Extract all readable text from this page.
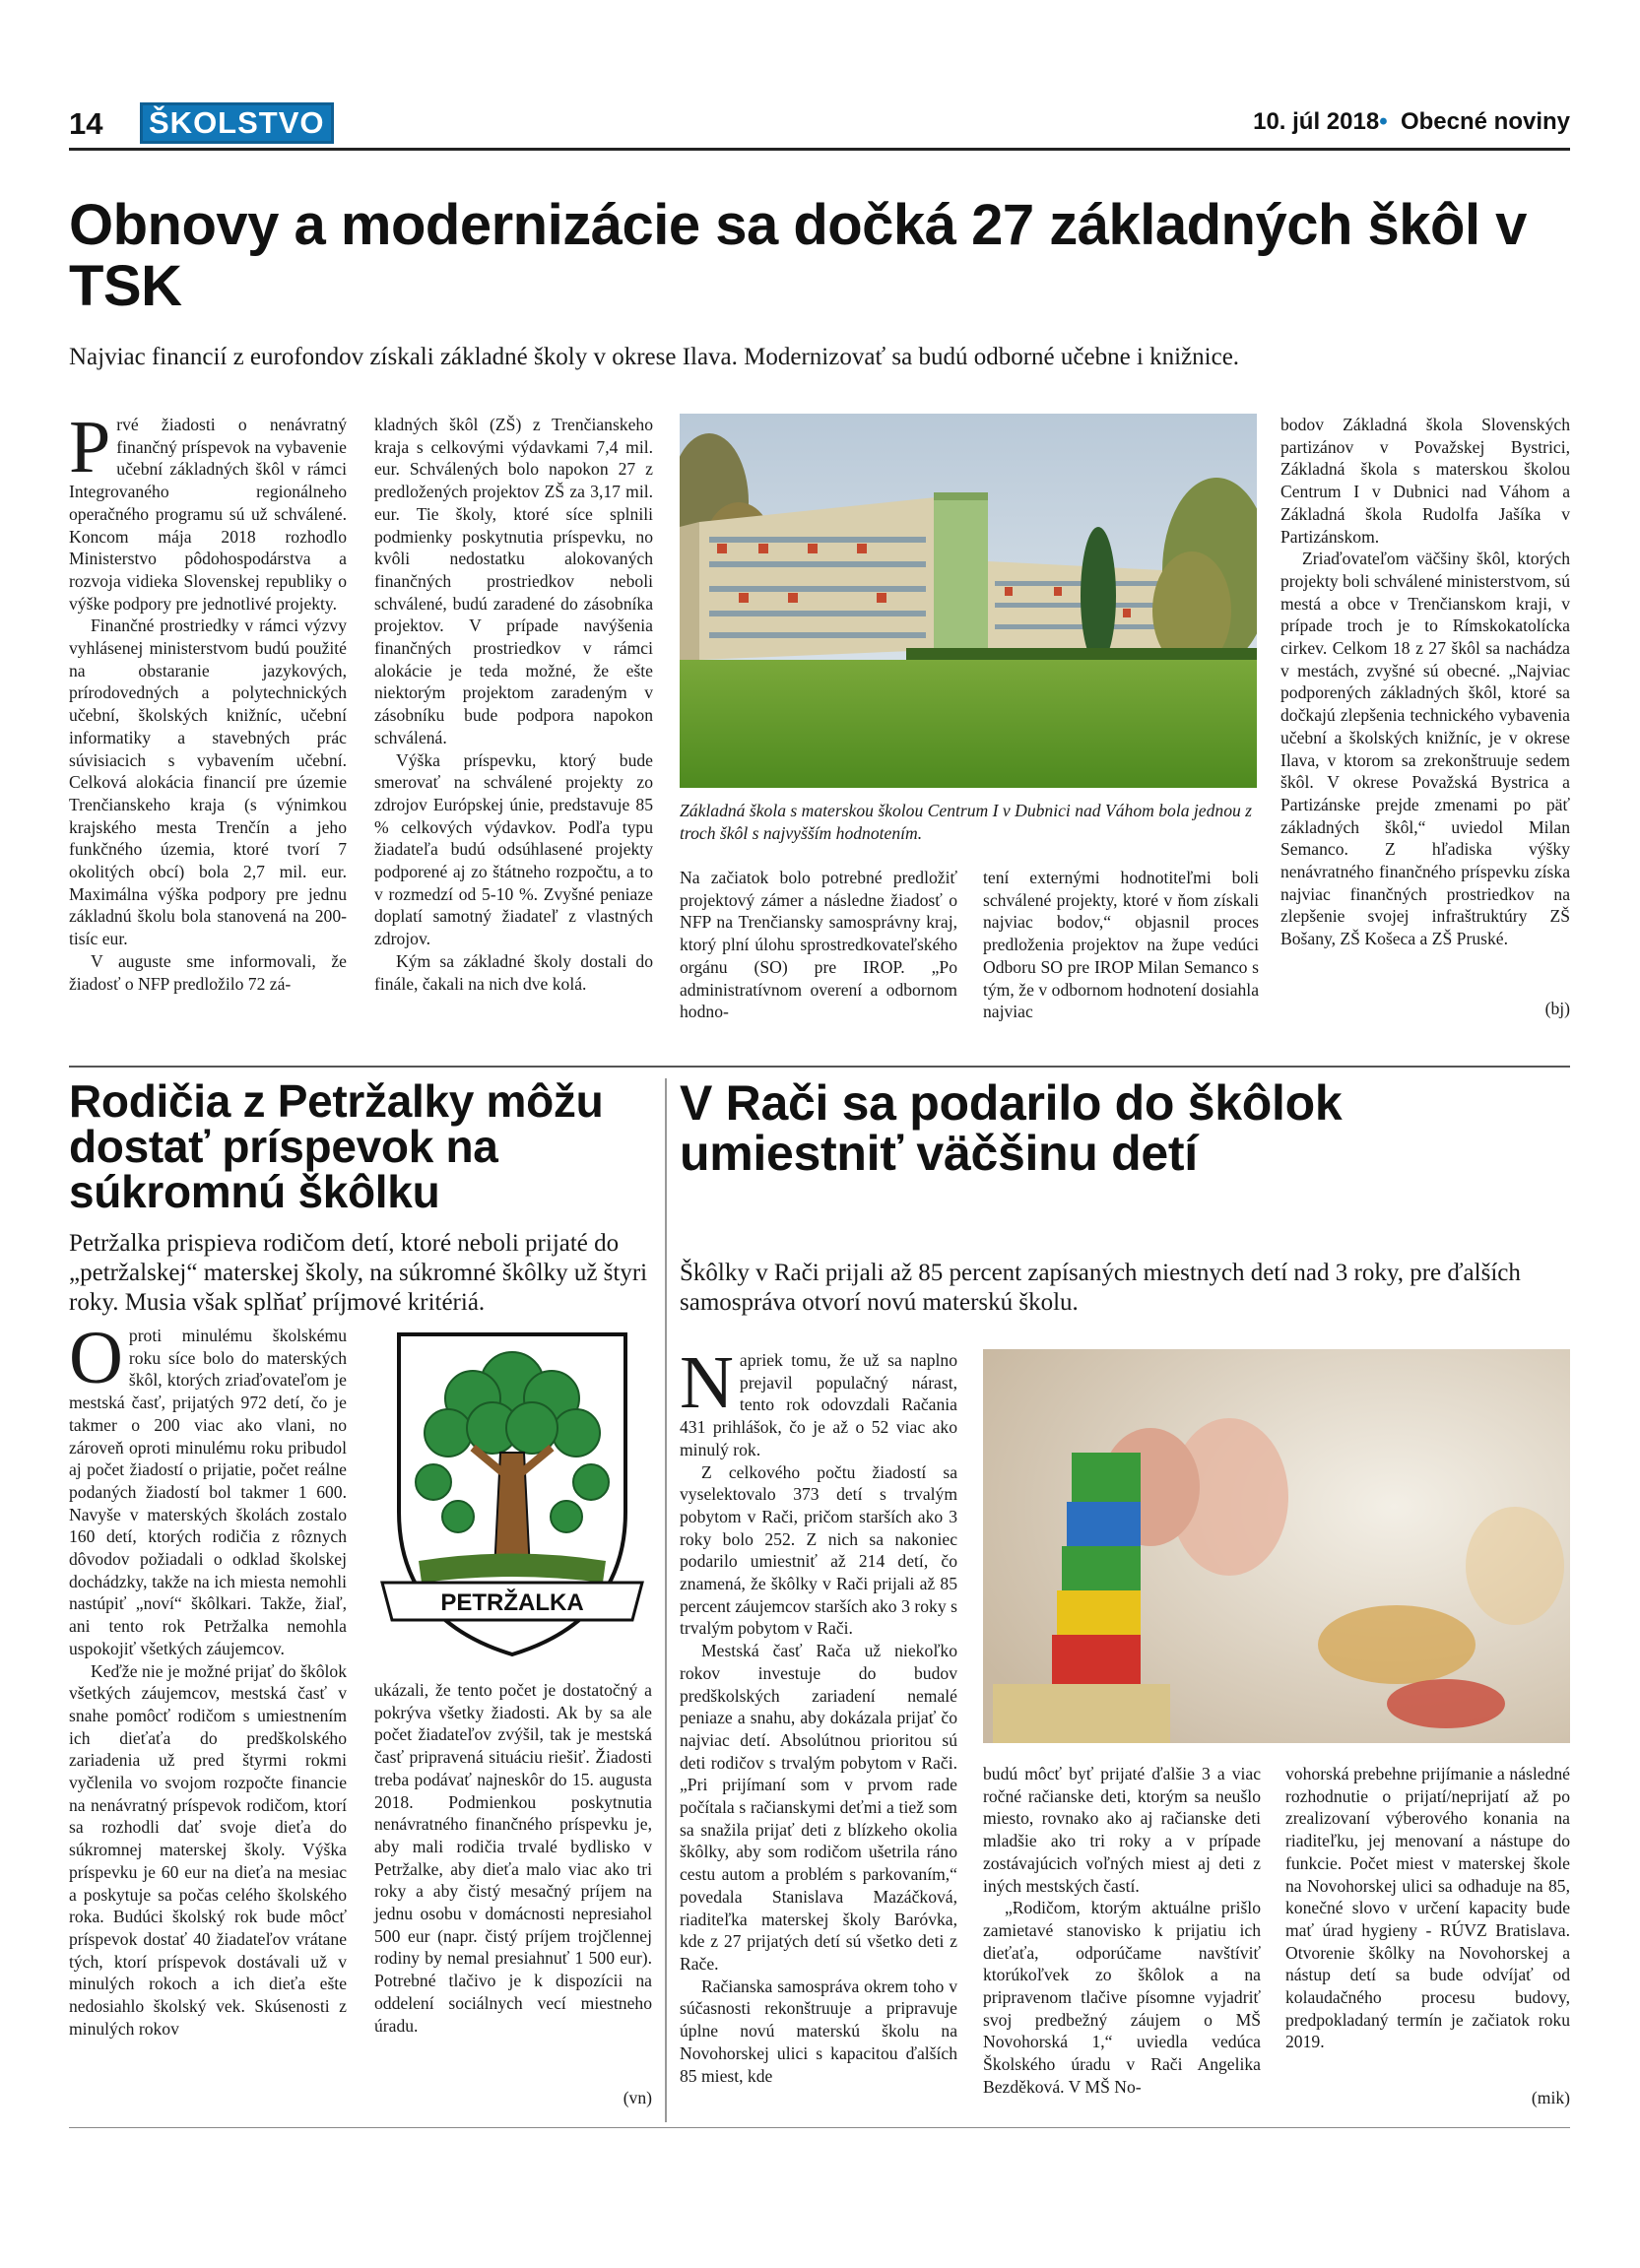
14 ŠKOLSTVO	10. júl 2018• Obecné noviny
Obnovy a modernizácie sa dočká 27 základných škôl v TSK
Najviac financií z eurofondov získali základné školy v okrese Ilava. Modernizovať sa budú odborné učebne i knižnice.

Prvé žiadosti o nenávratný finančný príspevok na vybavenie učební základných škôl v rámci Integrovaného regionálneho operačného programu sú už schválené. Koncom mája 2018 rozhodlo Ministerstvo pôdohospodárstva a rozvoja vidieka Slovenskej republiky o výške podpory pre jednotlivé projekty.

Finančné prostriedky v rámci výzvy vyhlásenej ministerstvom budú použité na obstaranie jazykových, prírodovedných a polytechnických učební, školských knižníc, učební informatiky a stavebných prác súvisiacich s vybavením učební. Celková alokácia financií pre územie Trenčianskeho kraja (s výnimkou krajského mesta Trenčín a jeho funkčného územia, ktoré tvorí 7 okolitých obcí) bola 2,7 mil. eur. Maximálna výška podpory pre jednu základnú školu bola stanovená na 200-tisíc eur.

V auguste sme informovali, že žiadosť o NFP predložilo 72 zá-

kladných škôl (ZŠ) z Trenčianskeho kraja s celkovými výdavkami 7,4 mil. eur. Schválených bolo napokon 27 z predložených projektov ZŠ za 3,17 mil. eur. Tie školy, ktoré síce splnili podmienky poskytnutia príspevku, no kvôli nedostatku alokovaných finančných prostriedkov neboli schválené, budú zaradené do zásobníka projektov. V prípade navýšenia finančných prostriedkov v rámci alokácie je teda možné, že ešte niektorým projektom zaradeným v zásobníku bude podpora napokon schválená.

Výška príspevku, ktorý bude smerovať na schválené projekty zo zdrojov Európskej únie, predstavuje 85 % celkových výdavkov. Podľa typu žiadateľa budú odsúhlasené projekty podporené aj zo štátneho rozpočtu, a to v rozmedzí od 5-10 %. Zvyšné peniaze doplatí samotný žiadateľ z vlastných zdrojov.

Kým sa základné školy dostali do finále, čakali na nich dve kolá.

Základná škola s materskou školou Centrum I v Dubnici nad Váhom bola jednou z troch škôl s najvyšším hodnotením.

Na začiatok bolo potrebné predložiť projektový zámer a následne žiadosť o NFP na Trenčiansky samosprávny kraj, ktorý plní úlohu sprostredkovateľského orgánu (SO) pre IROP. „Po administratívnom overení a odbornom hodno-

tení externými hodnotiteľmi boli schválené projekty, ktoré v ňom získali najviac bodov,“ objasnil proces predloženia projektov na župe vedúci Odboru SO pre IROP Milan Semanco s tým, že v odbornom hodnotení dosiahla najviac

bodov Základná škola Slovenských partizánov v Považskej Bystrici, Základná škola s materskou školou Centrum I v Dubnici nad Váhom a Základná škola Rudolfa Jašíka v Partizánskom.

Zriaďovateľom väčšiny škôl, ktorých projekty boli schválené ministerstvom, sú mestá a obce v Trenčianskom kraji, v prípade troch je to Rímskokatolícka cirkev. Celkom 18 z 27 škôl sa nachádza v mestách, zvyšné sú obecné. „Najviac podporených základných škôl, ktoré sa dočkajú zlepšenia technického vybavenia učební a školských knižníc, je v okrese Ilava, v ktorom sa zrekonštruuje sedem škôl. V okrese Považská Bystrica a Partizánske prejde zmenami po päť základných škôl,“ uviedol Milan Semanco. Z hľadiska výšky nenávratného finančného príspevku získa najviac finančných prostriedkov na zlepšenie svojej infraštruktúry ZŠ Bošany, ZŠ Košeca a ZŠ Pruské.

(bj)
Rodičia z Petržalky môžu dostať príspevok na súkromnú škôlku
Petržalka prispieva rodičom detí, ktoré neboli prijaté do „petržalskej“ materskej školy, na súkromné škôlky už štyri roky. Musia však splňať príjmové kritériá.

Oproti minulému školskému roku síce bolo do materských škôl, ktorých zriaďovateľom je mestská časť, prijatých 972 detí, čo je takmer o 200 viac ako vlani, no zároveň oproti minulému roku pribudol aj počet žiadostí o prijatie, počet reálne podaných žiadostí bol takmer 1 600. Navyše v materských školách zostalo 160 detí, ktorých rodičia z rôznych dôvodov požiadali o odklad školskej dochádzky, takže na ich miesta nemohli nastúpiť „noví“ škôlkari. Takže, žiaľ, ani tento rok Petržalka nemohla uspokojiť všetkých záujemcov.

Keďže nie je možné prijať do škôlok všetkých záujemcov, mestská časť v snahe pomôcť rodičom s umiestnením ich dieťaťa do predškolského zariadenia už pred štyrmi rokmi vyčlenila vo svojom rozpočte financie na nenávratný príspevok rodičom, ktorí sa rozhodli dať svoje dieťa do súkromnej materskej školy. Výška príspevku je 60 eur na dieťa na mesiac a poskytuje sa počas celého školského roka. Budúci školský rok bude môcť príspevok dostať 40 žiadateľov vrátane tých, ktorí príspevok dostávali už v minulých rokoch a ich dieťa ešte nedosiahlo školský vek. Skúsenosti z minulých rokov

PETRŽALKA

ukázali, že tento počet je dostatočný a pokrýva všetky žiadosti. Ak by sa ale počet žiadateľov zvýšil, tak je mestská časť pripravená situáciu riešiť. Žiadosti treba podávať najneskôr do 15. augusta 2018. Podmienkou poskytnutia nenávratného finančného príspevku je, aby mali rodičia trvalé bydlisko v Petržalke, aby dieťa malo viac ako tri roky a aby čistý mesačný príjem na jednu osobu v domácnosti nepresiahol 500 eur (napr. čistý príjem trojčlennej rodiny by nemal presiahnuť 1 500 eur). Potrebné tlačivo je k dispozícii na oddelení sociálnych vecí miestneho úradu.

(vn)
V Rači sa podarilo do škôlok umiestniť väčšinu detí
Škôlky v Rači prijali až 85 percent zapísaných miestnych detí nad 3 roky, pre ďalších samospráva otvorí novú materskú školu.

Napriek tomu, že už sa naplno prejavil populačný nárast, tento rok odovzdali Račania 431 prihlášok, čo je až o 52 viac ako minulý rok.

Z celkového počtu žiadostí sa vyselektovalo 373 detí s trvalým pobytom v Rači, pričom starších ako 3 roky bolo 252. Z nich sa nakoniec podarilo umiestniť až 214 detí, čo znamená, že škôlky v Rači prijali až 85 percent záujemcov starších ako 3 roky s trvalým pobytom v Rači.

Mestská časť Rača už niekoľko rokov investuje do budov predškolských zariadení nemalé peniaze a snahu, aby dokázala prijať čo najviac detí. Absolútnou prioritou sú deti rodičov s trvalým pobytom v Rači. „Pri prijímaní som v prvom rade počítala s račianskymi deťmi a tiež som sa snažila prijať deti z blízkeho okolia škôlky, aby som rodičom ušetrila ráno cestu autom a problém s parkovaním,“ povedala Stanislava Mazáčková, riaditeľka materskej školy Baróvka, kde z 27 prijatých detí sú všetko deti z Rače.

Račianska samospráva okrem toho v súčasnosti rekonštruuje a pripravuje úplne novú materskú školu na Novohorskej ulici s kapacitou ďalších 85 miest, kde

budú môcť byť prijaté ďalšie 3 a viac ročné račianske deti, ktorým sa neušlo miesto, rovnako ako aj račianske deti mladšie ako tri roky a v prípade zostávajúcich voľných miest aj deti z iných mestských častí.

„Rodičom, ktorým aktuálne prišlo zamietavé stanovisko k prijatiu ich dieťaťa, odporúčame navštíviť ktorúkoľvek zo škôlok a na pripravenom tlačive písomne vyjadriť svoj predbežný záujem o MŠ Novohorská 1,“ uviedla vedúca Školského úradu v Rači Angelika Bezděková. V MŠ No-

vohorská prebehne prijímanie a následné rozhodnutie o prijatí/neprijatí až po zrealizovaní výberového konania na riaditeľku, jej menovaní a nástupe do funkcie. Počet miest v materskej škole na Novohorskej ulici sa odhaduje na 85, konečné slovo v určení kapacity bude mať úrad hygieny - RÚVZ Bratislava. Otvorenie škôlky na Novohorskej a nástup detí sa bude odvíjať od kolaudačného procesu budovy, predpokladaný termín je začiatok roku 2019.

(mik)
